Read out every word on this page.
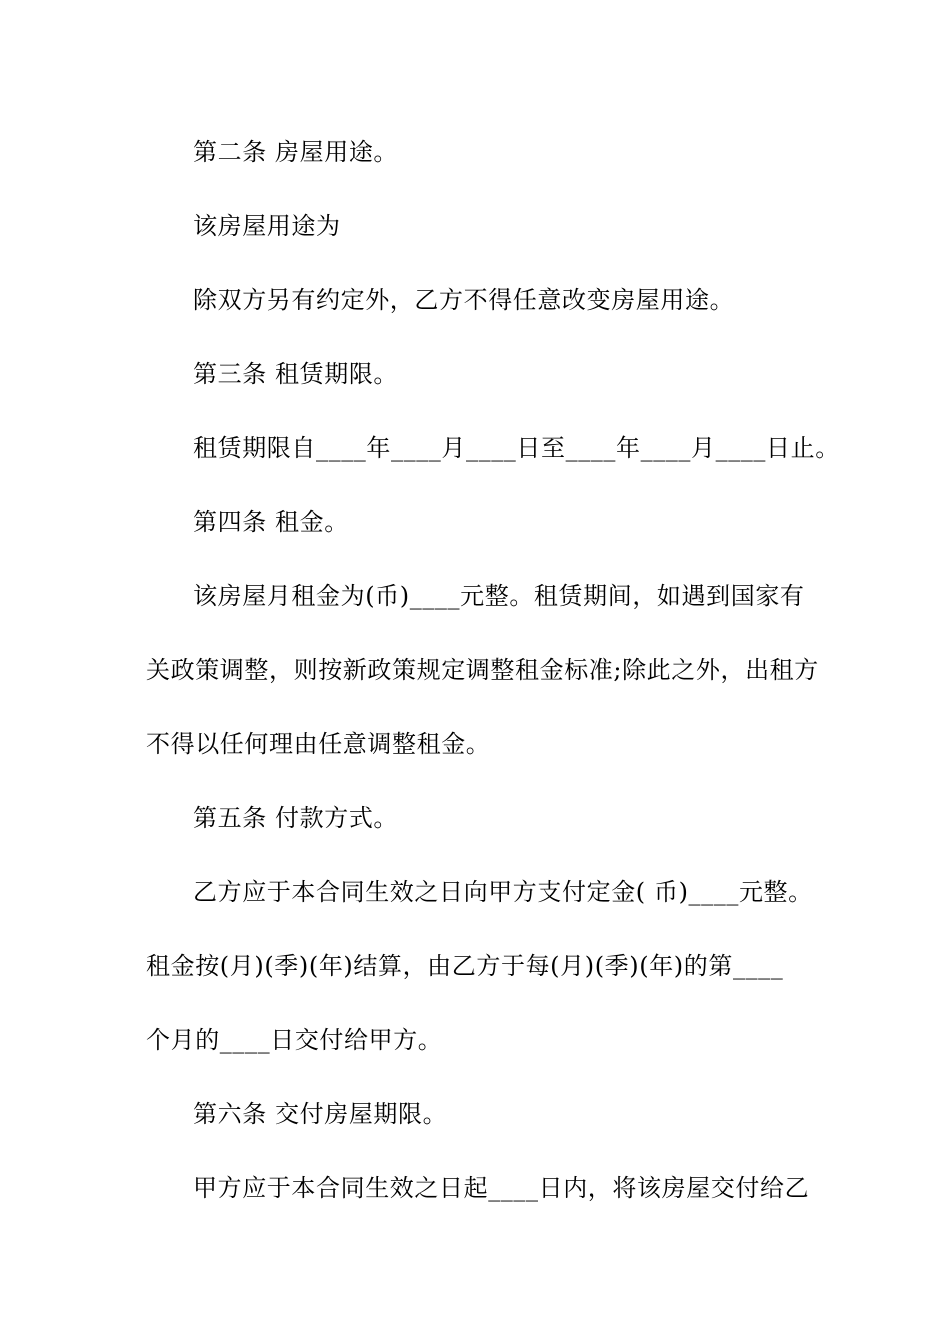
第二条 房屋用途。
该房屋用途为
除双方另有约定外，乙方不得任意改变房屋用途。
第三条 租赁期限。
租赁期限自____年____月____日至____年____月____日止。
第四条 租金。
该房屋月租金为(币)____元整。租赁期间，如遇到国家有
关政策调整，则按新政策规定调整租金标准;除此之外，出租方
不得以任何理由任意调整租金。
第五条 付款方式。
乙方应于本合同生效之日向甲方支付定金( 币)____元整。
租金按(月)(季)(年)结算，由乙方于每(月)(季)(年)的第____
个月的____日交付给甲方。
第六条 交付房屋期限。
甲方应于本合同生效之日起____日内，将该房屋交付给乙
